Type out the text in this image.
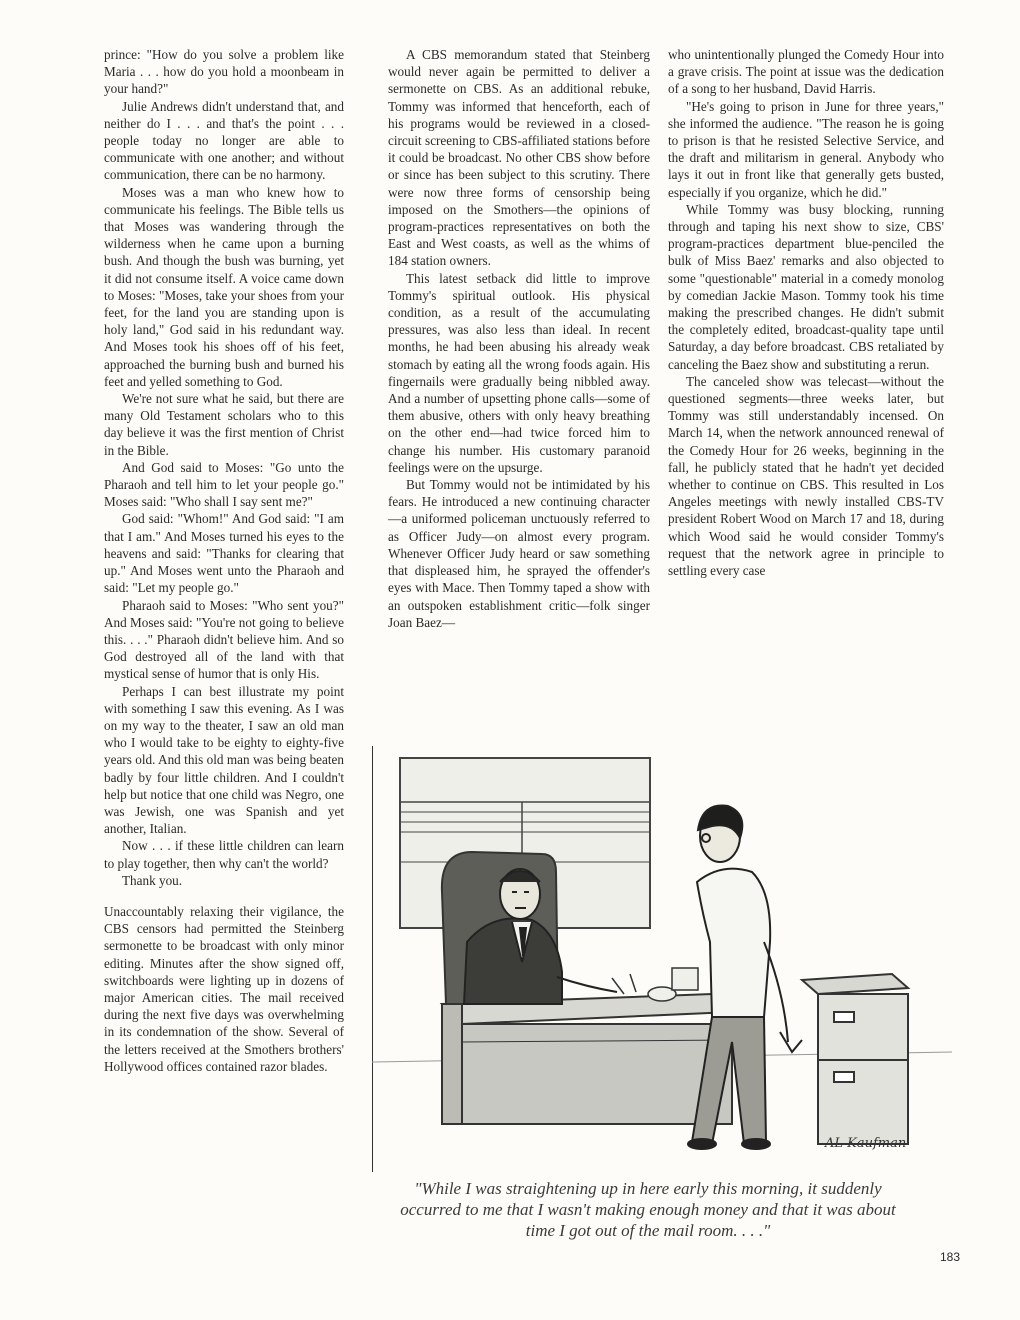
prince: "How do you solve a problem like Maria . . . how do you hold a moonbeam in your hand?"

Julie Andrews didn't understand that, and neither do I . . . and that's the point . . . people today no longer are able to communicate with one another; and without communication, there can be no harmony.

Moses was a man who knew how to communicate his feelings. The Bible tells us that Moses was wandering through the wilderness when he came upon a burning bush. And though the bush was burning, yet it did not consume itself. A voice came down to Moses: "Moses, take your shoes from your feet, for the land you are standing upon is holy land," God said in his redundant way. And Moses took his shoes off of his feet, approached the burning bush and burned his feet and yelled something to God.

We're not sure what he said, but there are many Old Testament scholars who to this day believe it was the first mention of Christ in the Bible.

And God said to Moses: "Go unto the Pharaoh and tell him to let your people go." Moses said: "Who shall I say sent me?"

God said: "Whom!" And God said: "I am that I am." And Moses turned his eyes to the heavens and said: "Thanks for clearing that up." And Moses went unto the Pharaoh and said: "Let my people go."

Pharaoh said to Moses: "Who sent you?" And Moses said: "You're not going to believe this. . . ." Pharaoh didn't believe him. And so God destroyed all of the land with that mystical sense of humor that is only His.

Perhaps I can best illustrate my point with something I saw this evening. As I was on my way to the theater, I saw an old man who I would take to be eighty to eighty-five years old. And this old man was being beaten badly by four little children. And I couldn't help but notice that one child was Negro, one was Jewish, one was Spanish and yet another, Italian.

Now . . . if these little children can learn to play together, then why can't the world?

Thank you.

Unaccountably relaxing their vigilance, the CBS censors had permitted the Steinberg sermonette to be broadcast with only minor editing. Minutes after the show signed off, switchboards were lighting up in dozens of major American cities. The mail received during the next five days was overwhelming in its condemnation of the show. Several of the letters received at the Smothers brothers' Hollywood offices contained razor blades.

A CBS memorandum stated that Steinberg would never again be permitted to deliver a sermonette on CBS. As an additional rebuke, Tommy was informed that henceforth, each of his programs would be reviewed in a closed-circuit screening to CBS-affiliated stations before it could be broadcast. No other CBS show before or since has been subject to this scrutiny. There were now three forms of censorship being imposed on the Smothers—the opinions of program-practices representatives on both the East and West coasts, as well as the whims of 184 station owners.

This latest setback did little to improve Tommy's spiritual outlook. His physical condition, as a result of the accumulating pressures, was also less than ideal. In recent months, he had been abusing his already weak stomach by eating all the wrong foods again. His fingernails were gradually being nibbled away. And a number of upsetting phone calls—some of them abusive, others with only heavy breathing on the other end—had twice forced him to change his number. His customary paranoid feelings were on the upsurge.

But Tommy would not be intimidated by his fears. He introduced a new continuing character—a uniformed policeman unctuously referred to as Officer Judy—on almost every program. Whenever Officer Judy heard or saw something that displeased him, he sprayed the offender's eyes with Mace. Then Tommy taped a show with an outspoken establishment critic—folk singer Joan Baez—

who unintentionally plunged the Comedy Hour into a grave crisis. The point at issue was the dedication of a song to her husband, David Harris.

"He's going to prison in June for three years," she informed the audience. "The reason he is going to prison is that he resisted Selective Service, and the draft and militarism in general. Anybody who lays it out in front like that generally gets busted, especially if you organize, which he did."

While Tommy was busy blocking, running through and taping his next show to size, CBS' program-practices department blue-penciled the bulk of Miss Baez' remarks and also objected to some "questionable" material in a comedy monolog by comedian Jackie Mason. Tommy took his time making the prescribed changes. He didn't submit the completely edited, broadcast-quality tape until Saturday, a day before broadcast. CBS retaliated by canceling the Baez show and substituting a rerun.

The canceled show was telecast—without the questioned segments—three weeks later, but Tommy was still understandably incensed. On March 14, when the network announced renewal of the Comedy Hour for 26 weeks, beginning in the fall, he publicly stated that he hadn't yet decided whether to continue on CBS. This resulted in Los Angeles meetings with newly installed CBS-TV president Robert Wood on March 17 and 18, during which Wood said he would consider Tommy's request that the network agree in principle to settling every case

AL Kaufman
"While I was straightening up in here early this morning, it suddenly occurred to me that I wasn't making enough money and that it was about time I got out of the mail room. . . ."
183
